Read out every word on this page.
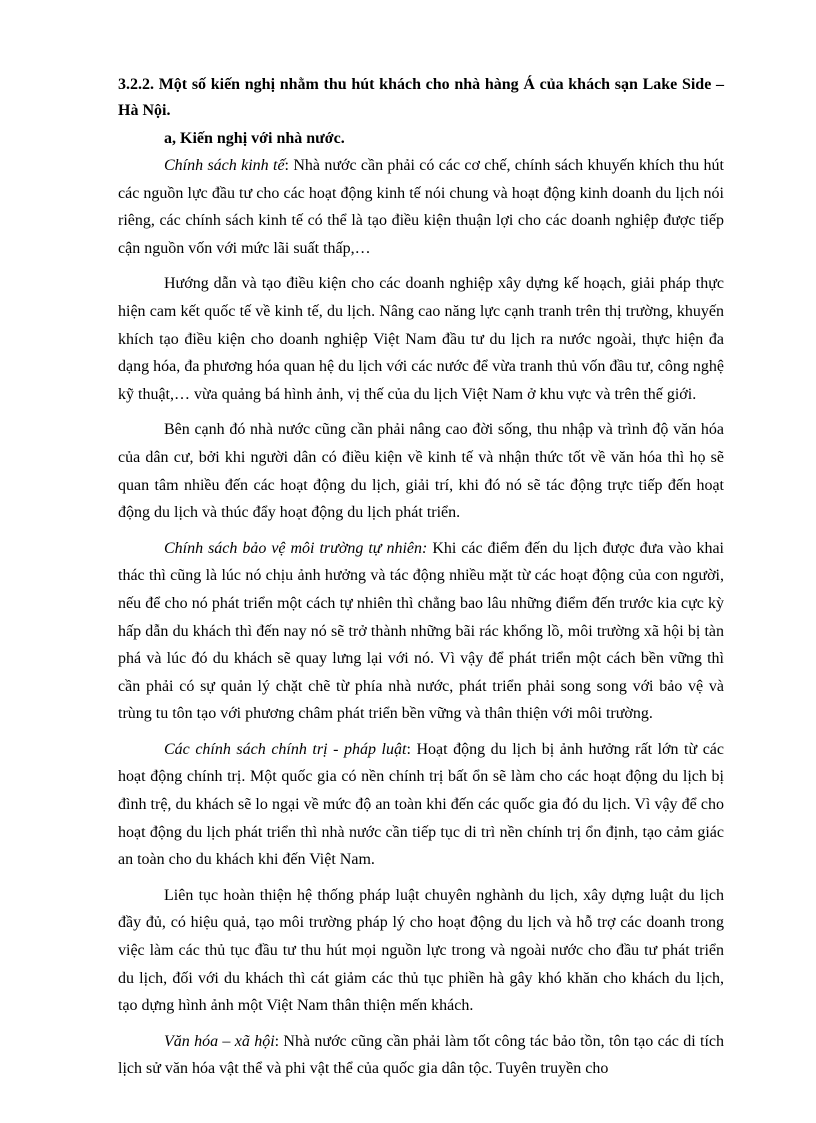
3.2.2. Một số kiến nghị nhằm thu hút khách cho nhà hàng Á của khách sạn Lake Side – Hà Nội.

a, Kiến nghị với nhà nước.

Chính sách kinh tế: Nhà nước cần phải có các cơ chế, chính sách khuyến khích thu hút các nguồn lực đầu tư cho các hoạt động kinh tế nói chung và hoạt động kinh doanh du lịch nói riêng, các chính sách kinh tế có thể là tạo điều kiện thuận lợi cho các doanh nghiệp được tiếp cận nguồn vốn với mức lãi suất thấp,…

Hướng dẫn và tạo điều kiện cho các doanh nghiệp xây dựng kế hoạch, giải pháp thực hiện cam kết quốc tế về kinh tế, du lịch. Nâng cao năng lực cạnh tranh trên thị trường, khuyến khích tạo điều kiện cho doanh nghiệp Việt Nam đầu tư du lịch ra nước ngoài, thực hiện đa dạng hóa, đa phương hóa quan hệ du lịch với các nước để vừa tranh thủ vốn đầu tư, công nghệ kỹ thuật,… vừa quảng bá hình ảnh, vị thế của du lịch Việt Nam ở khu vực và trên thế giới.

Bên cạnh đó nhà nước cũng cần phải nâng cao đời sống, thu nhập và trình độ văn hóa của dân cư, bởi khi người dân có điều kiện về kinh tế và nhận thức tốt về văn hóa thì họ sẽ quan tâm nhiều đến các hoạt động du lịch, giải trí, khi đó nó sẽ tác động trực tiếp đến hoạt động du lịch và thúc đẩy hoạt động du lịch phát triển.

Chính sách bảo vệ môi trường tự nhiên: Khi các điểm đến du lịch được đưa vào khai thác thì cũng là lúc nó chịu ảnh hưởng và tác động nhiều mặt từ các hoạt động của con người, nếu để cho nó phát triển một cách tự nhiên thì chẳng bao lâu những điểm đến trước kia cực kỳ hấp dẫn du khách thì đến nay nó sẽ trở thành những bãi rác khổng lồ, môi trường xã hội bị tàn phá và lúc đó du khách sẽ quay lưng lại với nó. Vì vậy để phát triển một cách bền vững thì cần phải có sự quản lý chặt chẽ từ phía nhà nước, phát triển phải song song với bảo vệ và trùng tu tôn tạo với phương châm phát triển bền vững và thân thiện với môi trường.

Các chính sách chính trị - pháp luật: Hoạt động du lịch bị ảnh hưởng rất lớn từ các hoạt động chính trị. Một quốc gia có nền chính trị bất ổn sẽ làm cho các hoạt động du lịch bị đình trệ, du khách sẽ lo ngại về mức độ an toàn khi đến các quốc gia đó du lịch. Vì vậy để cho hoạt động du lịch phát triển thì nhà nước cần tiếp tục di trì nền chính trị ổn định, tạo cảm giác an toàn cho du khách khi đến Việt Nam.

Liên tục hoàn thiện hệ thống pháp luật chuyên nghành du lịch, xây dựng luật du lịch đầy đủ, có hiệu quả, tạo môi trường pháp lý cho hoạt động du lịch và hỗ trợ các doanh trong việc làm các thủ tục đầu tư thu hút mọi nguồn lực trong và ngoài nước cho đầu tư phát triển du lịch, đối với du khách thì cát giảm các thủ tục phiền hà gây khó khăn cho khách du lịch, tạo dựng hình ảnh một Việt Nam thân thiện mến khách.

Văn hóa – xã hội: Nhà nước cũng cần phải làm tốt công tác bảo tồn, tôn tạo các di tích lịch sử văn hóa vật thể và phi vật thể của quốc gia dân tộc. Tuyên truyền cho
